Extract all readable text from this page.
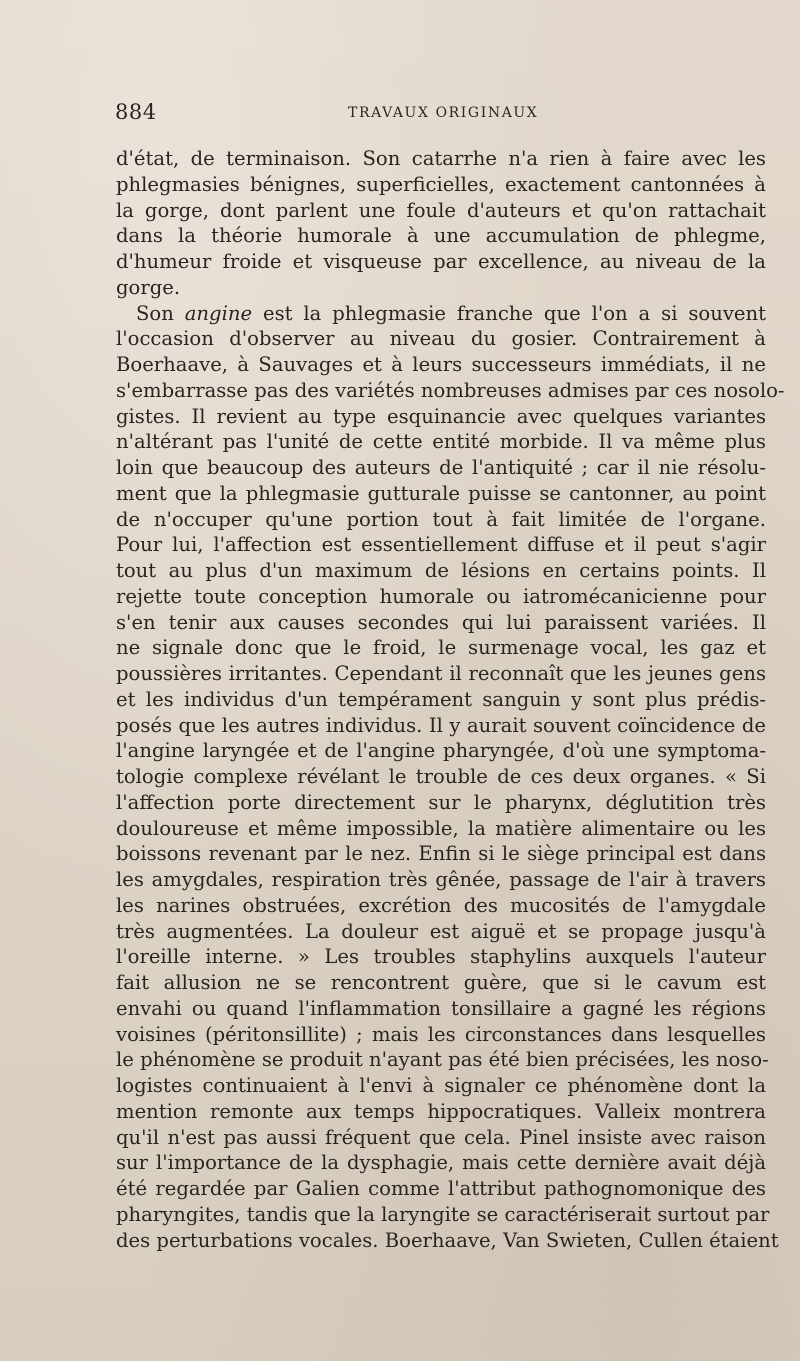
884	TRAVAUX ORIGINAUX
d'état, de terminaison. Son catarrhe n'a rien à faire avec les
phlegmasies bénignes, superficielles, exactement cantonnées à
la gorge, dont parlent une foule d'auteurs et qu'on rattachait
dans la théorie humorale à une accumulation de phlegme,
d'humeur froide et visqueuse par excellence, au niveau de la
gorge.
Son angine est la phlegmasie franche que l'on a si souvent
l'occasion d'observer au niveau du gosier. Contrairement à
Boerhaave, à Sauvages et à leurs successeurs immédiats, il ne
s'embarrasse pas des variétés nombreuses admises par ces nosolo-
gistes. Il revient au type esquinancie avec quelques variantes
n'altérant pas l'unité de cette entité morbide. Il va même plus
loin que beaucoup des auteurs de l'antiquité ; car il nie résolu-
ment que la phlegmasie gutturale puisse se cantonner, au point
de n'occuper qu'une portion tout à fait limitée de l'organe.
Pour lui, l'affection est essentiellement diffuse et il peut s'agir
tout au plus d'un maximum de lésions en certains points. Il
rejette toute conception humorale ou iatromécanicienne pour
s'en tenir aux causes secondes qui lui paraissent variées. Il
ne signale donc que le froid, le surmenage vocal, les gaz et
poussières irritantes. Cependant il reconnaît que les jeunes gens
et les individus d'un tempérament sanguin y sont plus prédis-
posés que les autres individus. Il y aurait souvent coïncidence de
l'angine laryngée et de l'angine pharyngée, d'où une symptoma-
tologie complexe révélant le trouble de ces deux organes. « Si
l'affection porte directement sur le pharynx, déglutition très
douloureuse et même impossible, la matière alimentaire ou les
boissons revenant par le nez. Enfin si le siège principal est dans
les amygdales, respiration très gênée, passage de l'air à travers
les narines obstruées, excrétion des mucosités de l'amygdale
très augmentées. La douleur est aiguë et se propage jusqu'à
l'oreille interne. » Les troubles staphylins auxquels l'auteur
fait allusion ne se rencontrent guère, que si le cavum est
envahi ou quand l'inflammation tonsillaire a gagné les régions
voisines (péritonsillite) ; mais les circonstances dans lesquelles
le phénomène se produit n'ayant pas été bien précisées, les noso-
logistes continuaient à l'envi à signaler ce phénomène dont la
mention remonte aux temps hippocratiques. Valleix montrera
qu'il n'est pas aussi fréquent que cela. Pinel insiste avec raison
sur l'importance de la dysphagie, mais cette dernière avait déjà
été regardée par Galien comme l'attribut pathognomonique des
pharyngites, tandis que la laryngite se caractériserait surtout par
des perturbations vocales. Boerhaave, Van Swieten, Cullen étaient
